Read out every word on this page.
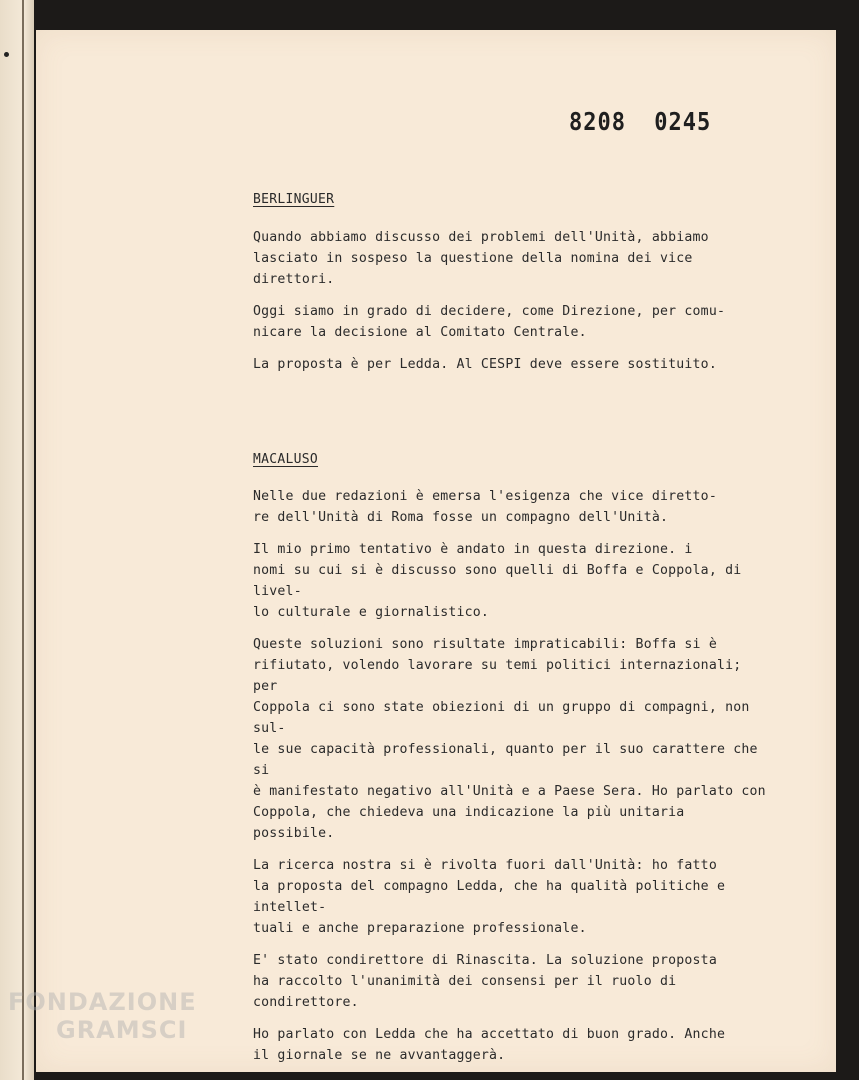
8208 0245
BERLINGUER
Quando abbiamo discusso dei problemi dell'Unità, abbiamo
lasciato in sospeso la questione della nomina dei vice direttori.
Oggi siamo in grado di decidere, come Direzione, per comu-
nicare la decisione al Comitato Centrale.
La proposta è per Ledda. Al CESPI deve essere sostituito.
MACALUSO
Nelle due redazioni è emersa l'esigenza che vice diretto-
re dell'Unità di Roma fosse un compagno dell'Unità.
Il mio primo tentativo è andato in questa direzione. i
nomi su cui si è discusso sono quelli di Boffa e Coppola, di livel-
lo culturale e giornalistico.
Queste soluzioni sono risultate impraticabili: Boffa si è
rifiutato, volendo lavorare su temi politici internazionali; per
Coppola ci sono state obiezioni di un gruppo di compagni, non sul-
le sue capacità professionali, quanto per il suo carattere che si
è manifestato negativo all'Unità e a Paese Sera. Ho parlato con
Coppola, che chiedeva una indicazione la più unitaria possibile.
La ricerca nostra si è rivolta fuori dall'Unità: ho fatto
la proposta del compagno Ledda, che ha qualità politiche e intellet-
tuali e anche preparazione professionale.
E' stato condirettore di Rinascita. La soluzione proposta
ha raccolto l'unanimità dei consensi per il ruolo di condirettore.
Ho parlato con Ledda che ha accettato di buon grado. Anche
il giornale se ne avvantaggerà.
FONDAZIONE
GRAMSCI
